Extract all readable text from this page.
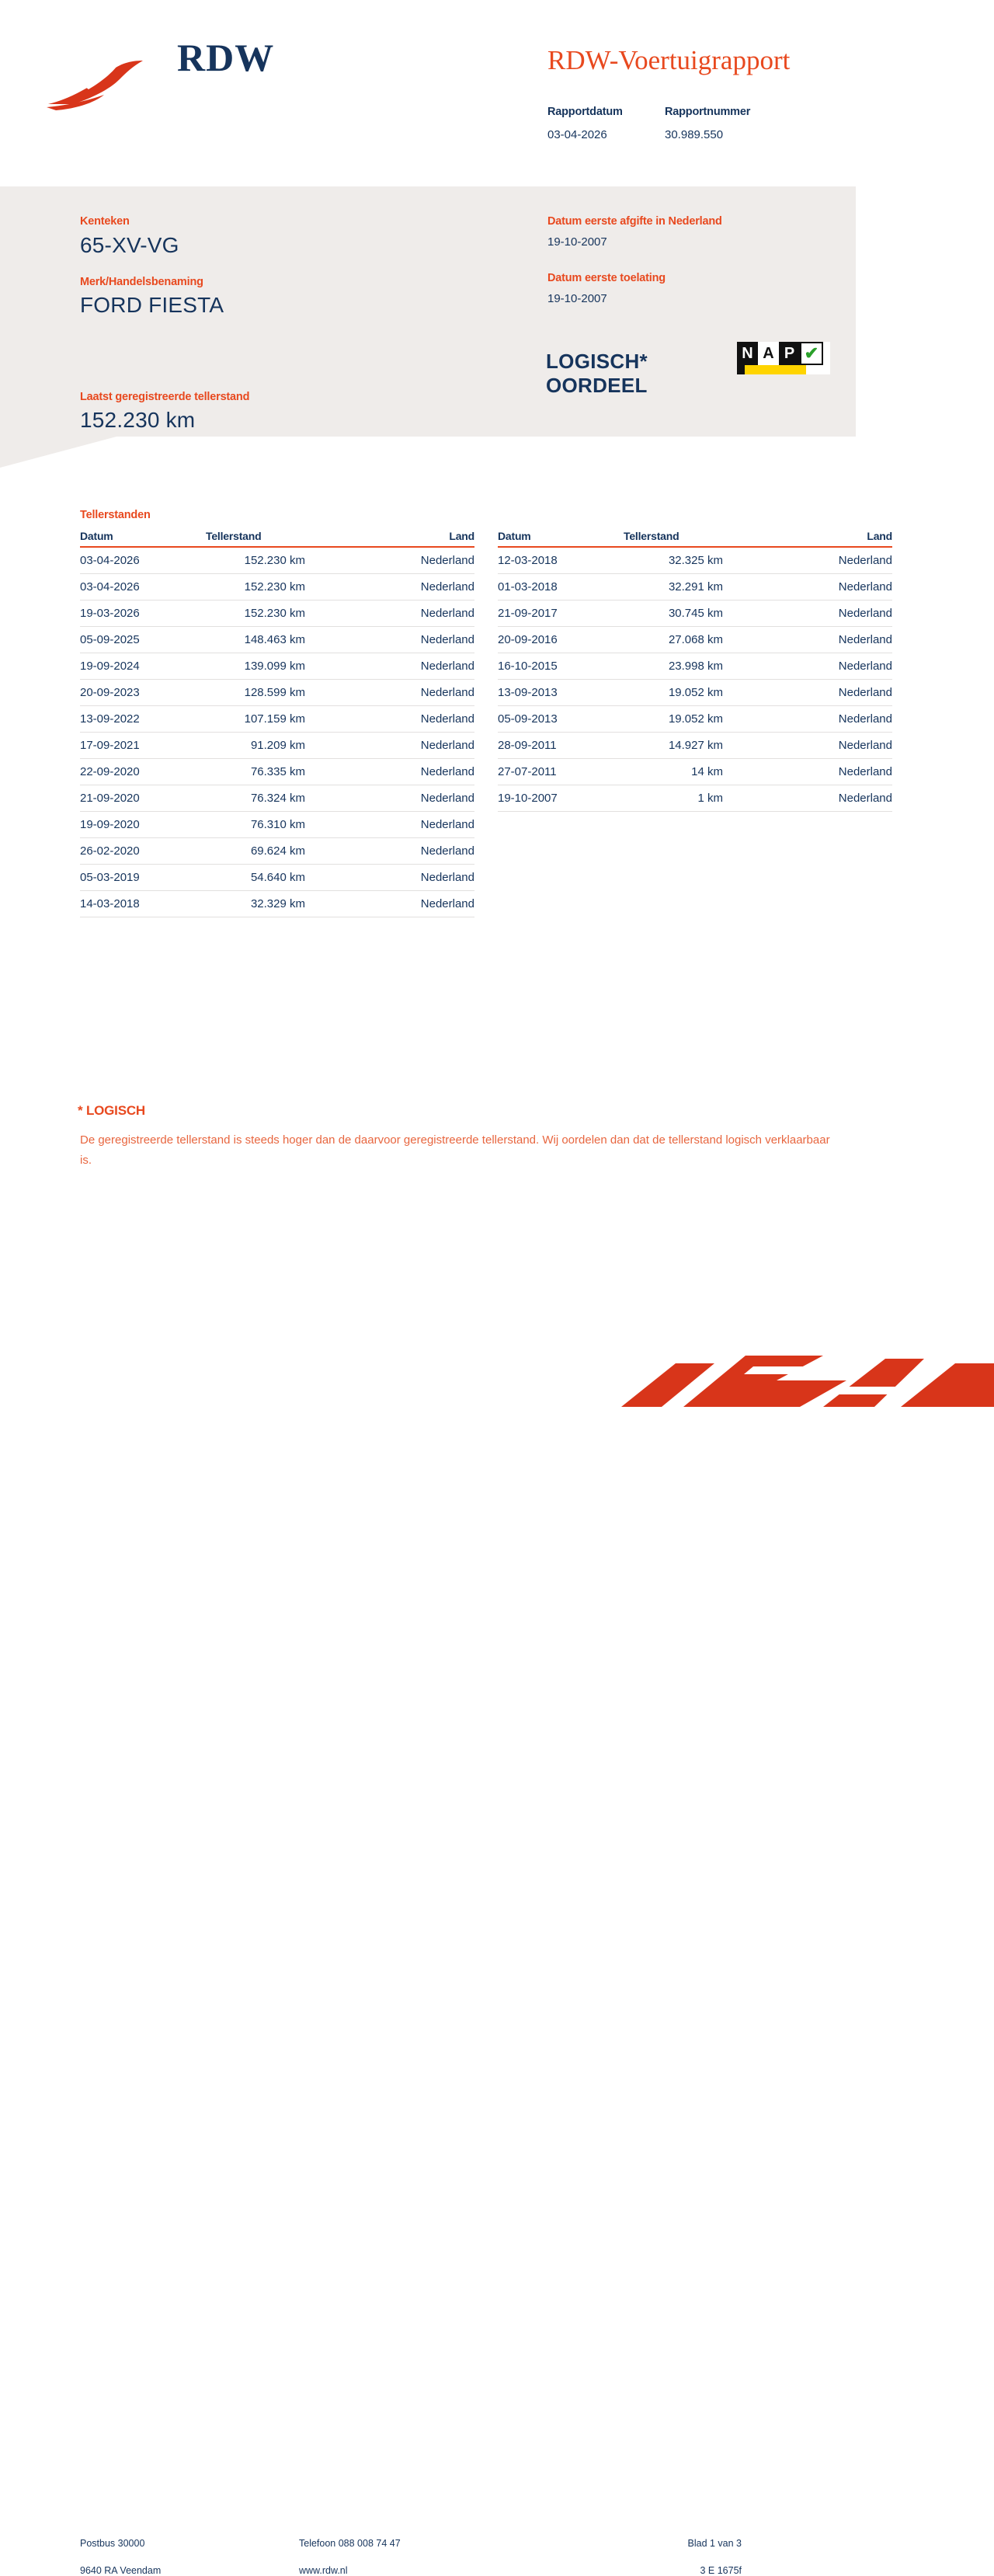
RDW	RDW-Voertuigrapport
Rapportdatum
03-04-2026
Rapportnummer
30.989.550
Kenteken
65-XV-VG
Merk/Handelsbenaming
FORD FIESTA
Laatst geregistreerde tellerstand
152.230 km
Datum eerste afgifte in Nederland
19-10-2007
Datum eerste toelating
19-10-2007
LOGISCH*
OORDEEL
N A P ✔
Tellerstanden
Datum	Tellerstand	Land
03-04-2026	152.230 km	Nederland
03-04-2026	152.230 km	Nederland
19-03-2026	152.230 km	Nederland
05-09-2025	148.463 km	Nederland
19-09-2024	139.099 km	Nederland
20-09-2023	128.599 km	Nederland
13-09-2022	107.159 km	Nederland
17-09-2021	91.209 km	Nederland
22-09-2020	76.335 km	Nederland
21-09-2020	76.324 km	Nederland
19-09-2020	76.310 km	Nederland
26-02-2020	69.624 km	Nederland
05-03-2019	54.640 km	Nederland
14-03-2018	32.329 km	Nederland
Datum	Tellerstand	Land
12-03-2018	32.325 km	Nederland
01-03-2018	32.291 km	Nederland
21-09-2017	30.745 km	Nederland
20-09-2016	27.068 km	Nederland
16-10-2015	23.998 km	Nederland
13-09-2013	19.052 km	Nederland
05-09-2013	19.052 km	Nederland
28-09-2011	14.927 km	Nederland
27-07-2011	14 km	Nederland
19-10-2007	1 km	Nederland
* LOGISCH
De geregistreerde tellerstand is steeds hoger dan de daarvoor geregistreerde tellerstand. Wij oordelen dan dat de tellerstand logisch verklaarbaar is.
Postbus 30000
9640 RA Veendam
Telefoon 088 008 74 47
www.rdw.nl
Blad 1 van 3
3 E 1675f
